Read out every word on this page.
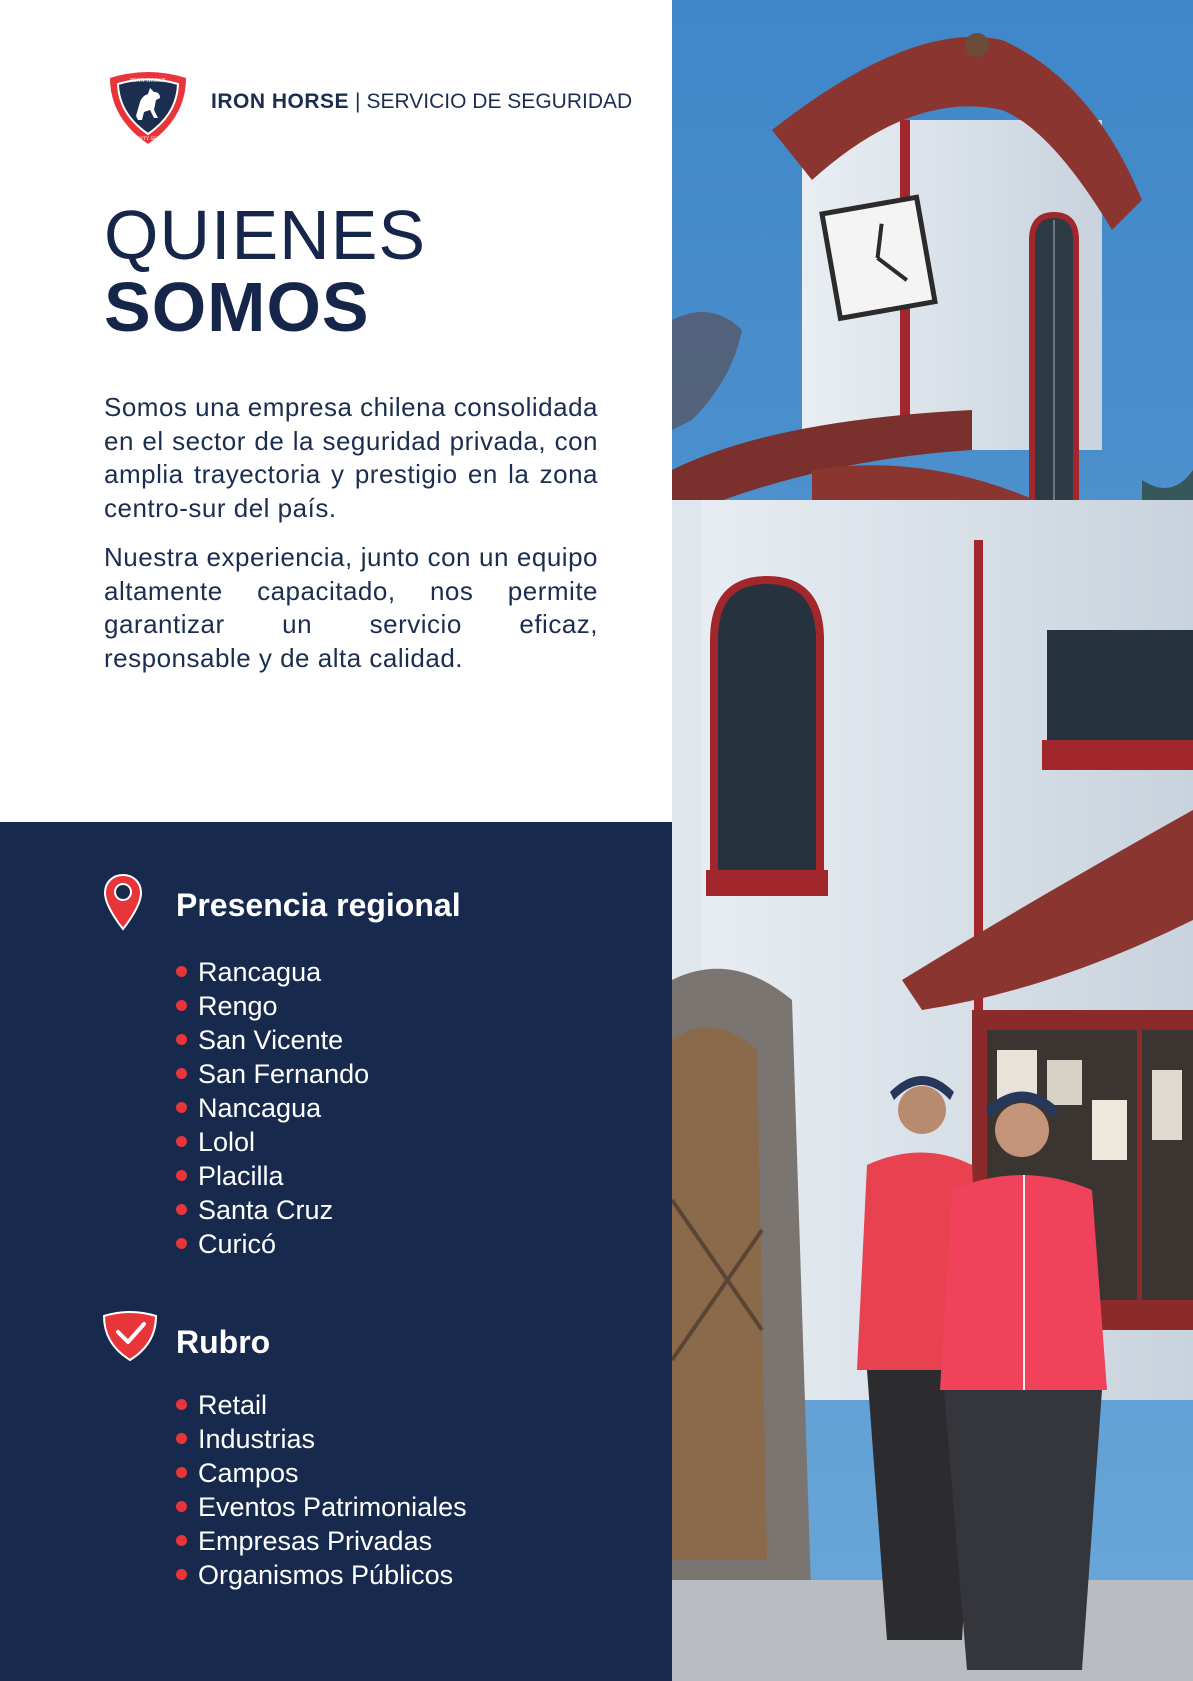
IRON HORSE
SECURITY SERVICE
IRON HORSE | SERVICIO DE SEGURIDAD
QUIENES
SOMOS

Somos una empresa chilena consolidada en el sector de la seguridad privada, con amplia trayectoria y prestigio en la zona centro-sur del país.

Nuestra experiencia, junto con un equipo altamente capacitado, nos permite garantizar un servicio eficaz, responsable y de alta calidad.

Presencia regional
Rancagua
Rengo
San Vicente
San Fernando
Nancagua
Lolol
Placilla
Santa Cruz
Curicó
Rubro
Retail
Industrias
Campos
Eventos Patrimoniales
Empresas Privadas
Organismos Públicos
